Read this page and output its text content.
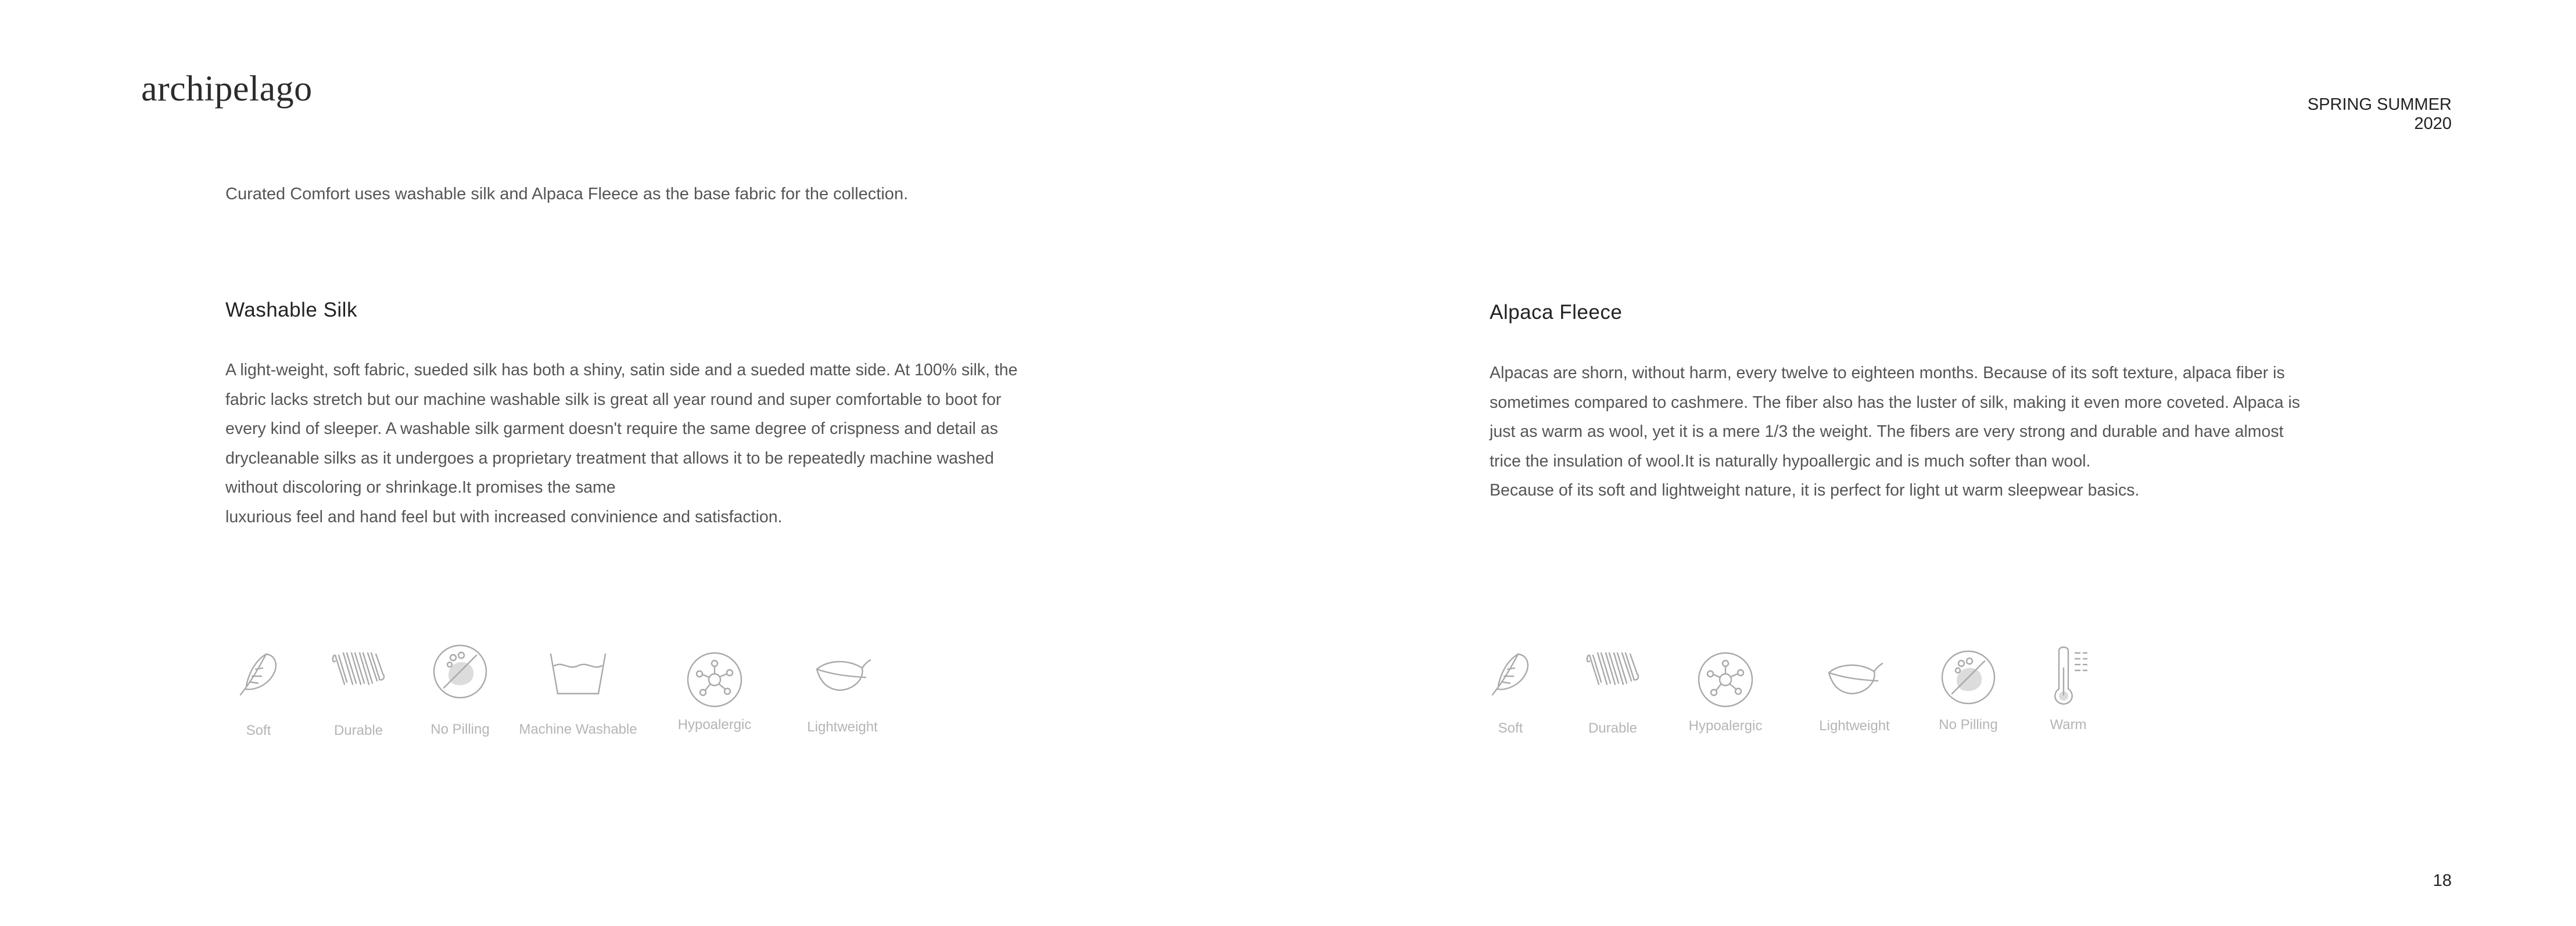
archipelago	SPRING SUMMER 2020
Curated Comfort uses washable silk and Alpaca Fleece as the base fabric for the collection.
Washable Silk

A light-weight, soft fabric, sueded silk has both a shiny, satin side and a sueded matte side. At 100% silk, the

fabric lacks stretch but our machine washable silk is great all year round and super comfortable to boot for

every kind of sleeper. A washable silk garment doesn't require the same degree of crispness and detail as

drycleanable silks as it undergoes a proprietary treatment that allows it to be repeatedly machine washed

without discoloring or shrinkage.It promises the same

luxurious feel and hand feel but with increased convinience and satisfaction.

Alpaca Fleece

Alpacas are shorn, without harm, every twelve to eighteen months. Because of its soft texture, alpaca fiber is

sometimes compared to cashmere. The fiber also has the luster of silk, making it even more coveted. Alpaca is

just as warm as wool, yet it is a mere 1/3 the weight. The fibers are very strong and durable and have almost

trice the insulation of wool.It is naturally hypoallergic and is much softer than wool.

Because of its soft and lightweight nature, it is perfect for light ut warm sleepwear basics.

Soft	Durable	No Pilling Machine Washable	Hypoalergic	Lightweight	Soft	Durable	Hypoalergic	Lightweight	No Pilling	Warm
18
